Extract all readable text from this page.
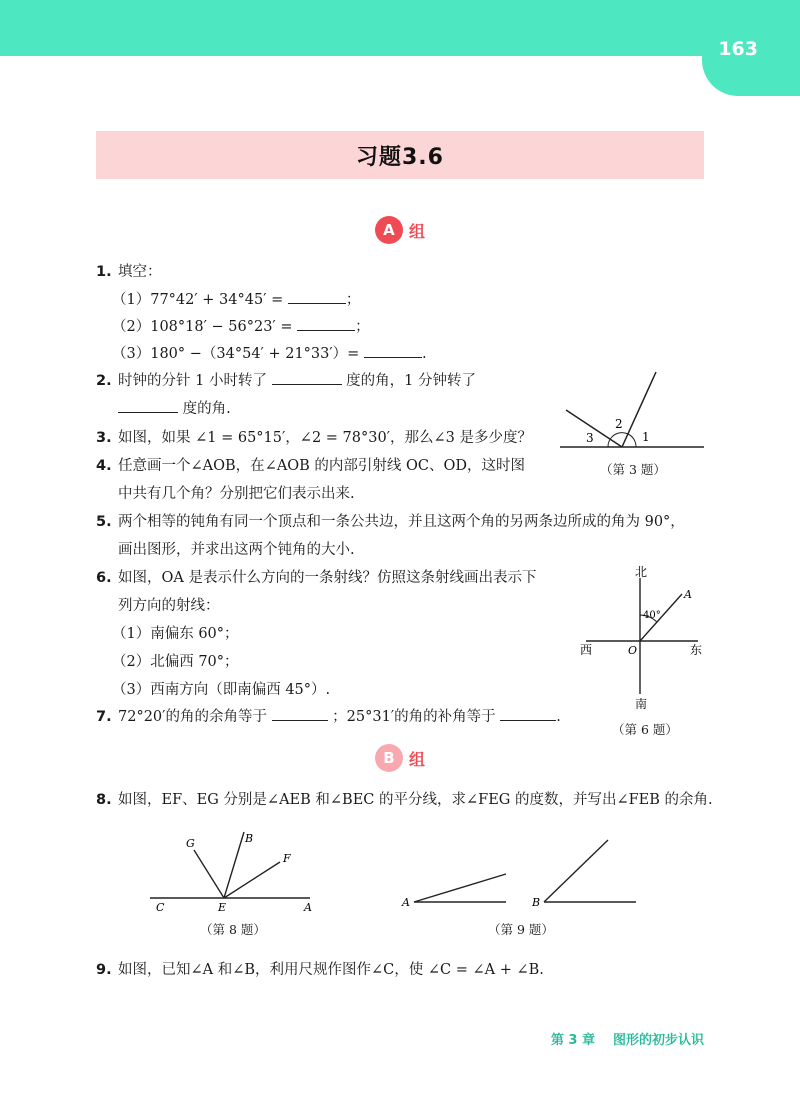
163
习题3.6
A 组
1. 填空：
（1）77°42′ + 34°45′ =	；
（2）108°18′ − 56°23′ =	；
（3）180° −（34°54′ + 21°33′）=	.
2. 时钟的分针 1 小时转了	度的角，1 分钟转了
度的角.
3. 如图，如果 ∠1 = 65°15′，∠2 = 78°30′，那么∠3 是多少度？
4. 任意画一个∠AOB，在∠AOB 的内部引射线 OC、OD，这时图
中共有几个角？分别把它们表示出来.
5. 两个相等的钝角有同一个顶点和一条公共边，并且这两个角的另两条边所成的角为 90°，
画出图形，并求出这两个钝角的大小.
6. 如图，OA 是表示什么方向的一条射线？仿照这条射线画出表示下
列方向的射线：
（1）南偏东 60°；
（2）北偏西 70°；
（3）西南方向（即南偏西 45°）.
7. 72°20′的角的余角等于	；25°31′的角的补角等于	.
1
2
3
（第 3 题）
北
南
东
西	O
A
40°
（第 6 题）
B 组
8. 如图，EF、EG 分别是∠AEB 和∠BEC 的平分线，求∠FEG 的度数，并写出∠FEB 的余角.
G	B
F
C	E	A
（第 8 题）
A	B
（第 9 题）
9. 如图，已知∠A 和∠B，利用尺规作图作∠C，使 ∠C = ∠A + ∠B.
第 3 章 图形的初步认识
